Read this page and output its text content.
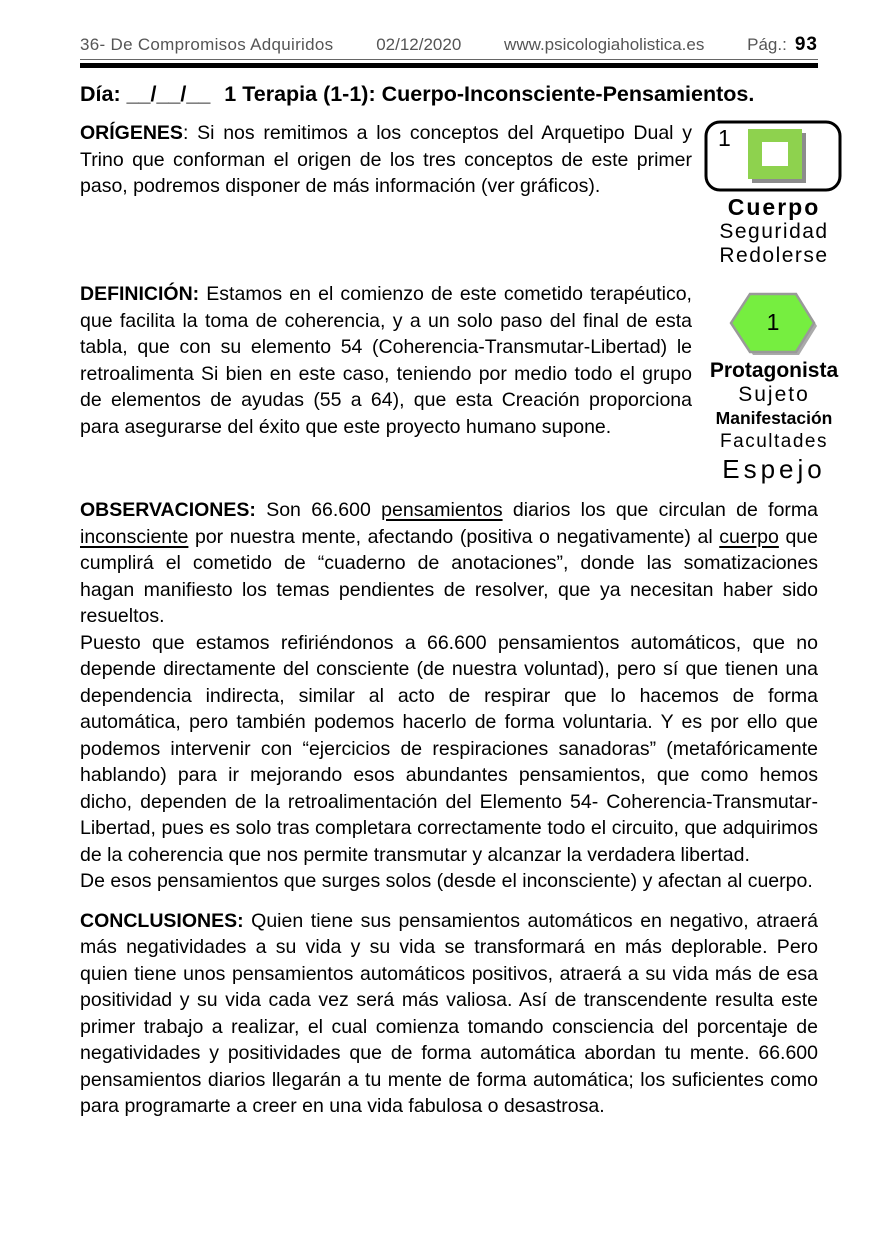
36- De Compromisos Adquiridos	02/12/2020	www.psicologiaholistica.es	Pág.: 93
Día: __/__/__ 1 Terapia (1-1): Cuerpo-Inconsciente-Pensamientos.
ORÍGENES: Si nos remitimos a los conceptos del Arquetipo Dual y Trino que conforman el origen de los tres conceptos de este primer paso, podremos disponer de más información (ver gráficos).
1
Cuerpo
Seguridad
Redolerse
DEFINICIÓN: Estamos en el comienzo de este cometido terapéutico, que facilita la toma de coherencia, y a un solo paso del final de esta tabla, que con su elemento 54 (Coherencia-Transmutar-Libertad) le retroalimenta Si bien en este caso, teniendo por medio todo el grupo de elementos de ayudas (55 a 64), que esta Creación proporciona para asegurarse del éxito que este proyecto humano supone.
1
Protagonista
Sujeto
Manifestación
Facultades
Espejo

OBSERVACIONES: Son 66.600 pensamientos diarios los que circulan de forma inconsciente por nuestra mente, afectando (positiva o negativamente) al cuerpo que cumplirá el cometido de “cuaderno de anotaciones”, donde las somatizaciones hagan manifiesto los temas pendientes de resolver, que ya necesitan haber sido resueltos.

Puesto que estamos refiriéndonos a 66.600 pensamientos automáticos, que no depende directamente del consciente (de nuestra voluntad), pero sí que tienen una dependencia indirecta, similar al acto de respirar que lo hacemos de forma automática, pero también podemos hacerlo de forma voluntaria. Y es por ello que podemos intervenir con “ejercicios de respiraciones sanadoras” (metafóricamente hablando) para ir mejorando esos abundantes pensamientos, que como hemos dicho, dependen de la retroalimentación del Elemento 54- Coherencia-Transmutar-Libertad, pues es solo tras completara correctamente todo el circuito, que adquirimos de la coherencia que nos permite transmutar y alcanzar la verdadera libertad.

De esos pensamientos que surges solos (desde el inconsciente) y afectan al cuerpo.

CONCLUSIONES: Quien tiene sus pensamientos automáticos en negativo, atraerá más negatividades a su vida y su vida se transformará en más deplorable. Pero quien tiene unos pensamientos automáticos positivos, atraerá a su vida más de esa positividad y su vida cada vez será más valiosa. Así de transcendente resulta este primer trabajo a realizar, el cual comienza tomando consciencia del porcentaje de negatividades y positividades que de forma automática abordan tu mente. 66.600 pensamientos diarios llegarán a tu mente de forma automática; los suficientes como para programarte a creer en una vida fabulosa o desastrosa.
